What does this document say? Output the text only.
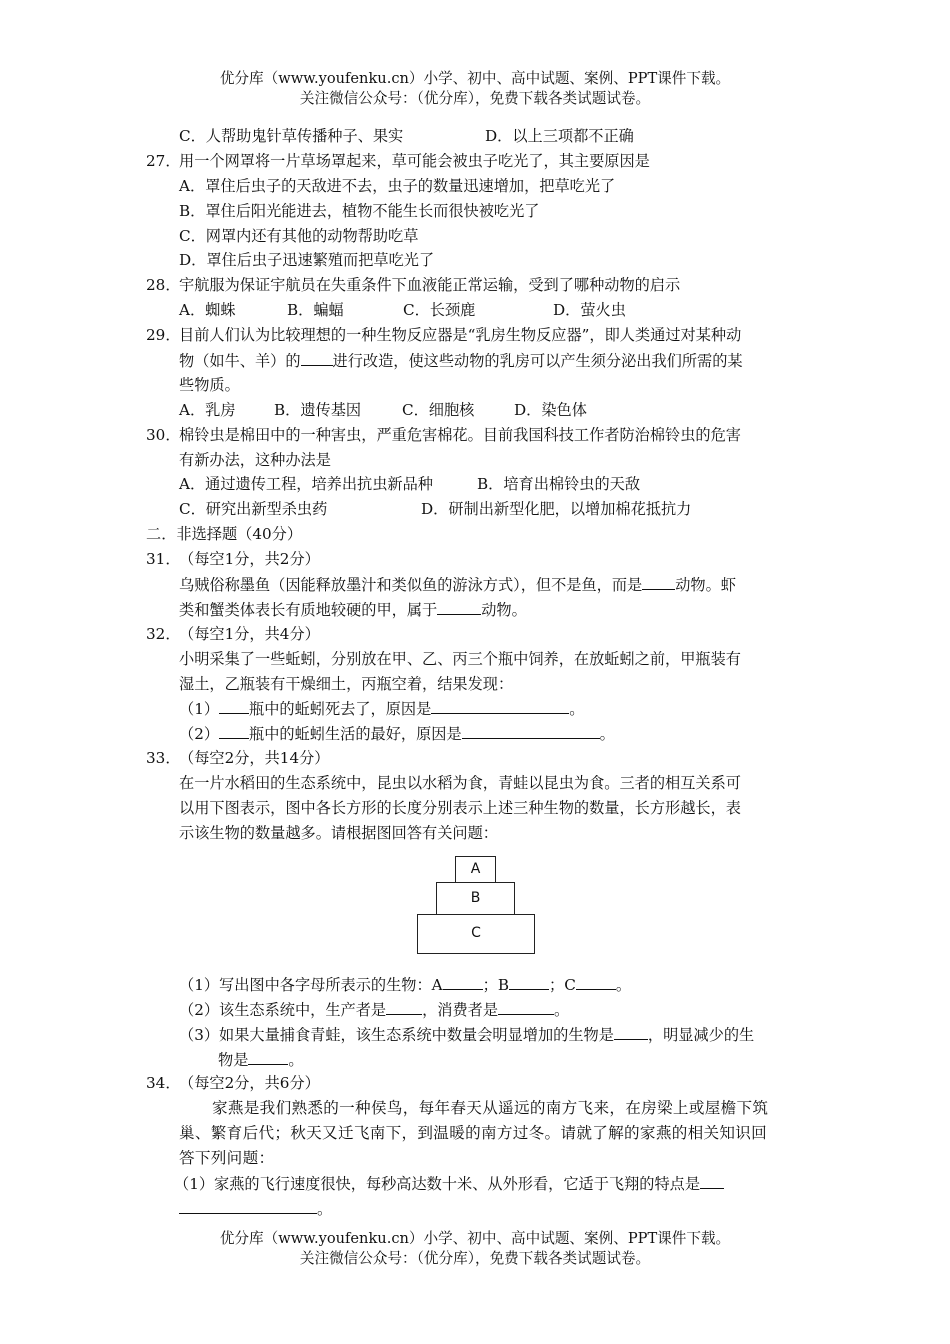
优分库（www.youfenku.cn）小学、初中、高中试题、案例、PPT课件下载。
关注微信公众号：（优分库），免费下载各类试题试卷。
C．人帮助鬼针草传播种子、果实	D．以上三项都不正确
27．
用一个网罩将一片草场罩起来，草可能会被虫子吃光了，其主要原因是
A．罩住后虫子的天敌进不去，虫子的数量迅速增加，把草吃光了
B．罩住后阳光能进去，植物不能生长而很快被吃光了
C．网罩内还有其他的动物帮助吃草
D．罩住后虫子迅速繁殖而把草吃光了
28．
宇航服为保证宇航员在失重条件下血液能正常运输，受到了哪种动物的启示
A．蜘蛛	B．蝙蝠	C．长颈鹿	D．萤火虫
29．
目前人们认为比较理想的一种生物反应器是“乳房生物反应器”，即人类通过对某种动
物（如牛、羊）的 进行改造，使这些动物的乳房可以产生须分泌出我们所需的某
些物质。
A．乳房	B．遗传基因	C．细胞核	D．染色体
30．
棉铃虫是棉田中的一种害虫，严重危害棉花。目前我国科技工作者防治棉铃虫的危害
有新办法，这种办法是
A．通过遗传工程，培养出抗虫新品种	B．培育出棉铃虫的天敌
C．研究出新型杀虫药	D．研制出新型化肥，以增加棉花抵抗力
二．非选择题（40分）
31．
（每空1分，共2分）
乌贼俗称墨鱼（因能释放墨汁和类似鱼的游泳方式），但不是鱼，而是 动物。虾
类和蟹类体表长有质地较硬的甲，属于	动物。
32．
（每空1分，共4分）
小明采集了一些蚯蚓，分别放在甲、乙、丙三个瓶中饲养，在放蚯蚓之前，甲瓶装有
湿土，乙瓶装有干燥细土，丙瓶空着，结果发现：
（1） 瓶中的蚯蚓死去了，原因是	。
（2） 瓶中的蚯蚓生活的最好，原因是	。
33．
（每空2分，共14分）
在一片水稻田的生态系统中，昆虫以水稻为食，青蛙以昆虫为食。三者的相互关系可
以用下图表示，图中各长方形的长度分别表示上述三种生物的数量，长方形越长，表
示该生物的数量越多。请根据图回答有关问题：
A
B
C
（1）写出图中各字母所表示的生物：A	；B	；C	。
（2）该生态系统中，生产者是 ，消费者是	。
（3）如果大量捕食青蛙，该生态系统中数量会明显增加的生物是 ，明显减少的生
物是	。
34．
（每空2分，共6分）
家燕是我们熟悉的一种侯鸟，每年春天从遥远的南方飞来，在房梁上或屋檐下筑
巢、繁育后代；秋天又迁飞南下，到温暖的南方过冬。请就了解的家燕的相关知识回
答下列问题：
（1）家燕的飞行速度很快，每秒高达数十米、从外形看，它适于飞翔的特点是
。
优分库（www.youfenku.cn）小学、初中、高中试题、案例、PPT课件下载。
关注微信公众号：（优分库），免费下载各类试题试卷。
